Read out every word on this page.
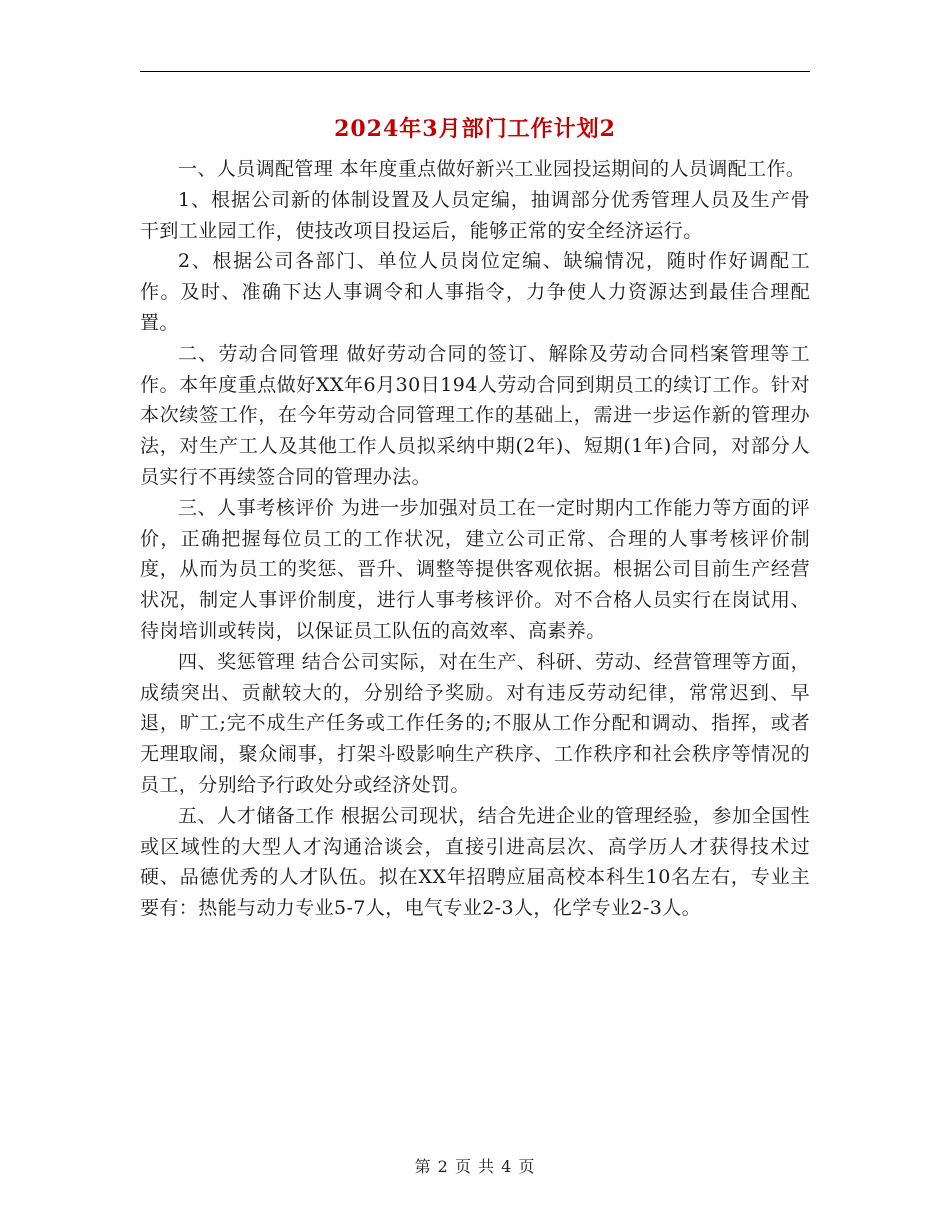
2024年3月部门工作计划2

一、人员调配管理 本年度重点做好新兴工业园投运期间的人员调配工作。

1、根据公司新的体制设置及人员定编，抽调部分优秀管理人员及生产骨干到工业园工作，使技改项目投运后，能够正常的安全经济运行。

2、根据公司各部门、单位人员岗位定编、缺编情况，随时作好调配工作。及时、准确下达人事调令和人事指令，力争使人力资源达到最佳合理配置。

二、劳动合同管理 做好劳动合同的签订、解除及劳动合同档案管理等工作。本年度重点做好XX年6月30日194人劳动合同到期员工的续订工作。针对本次续签工作，在今年劳动合同管理工作的基础上，需进一步运作新的管理办法，对生产工人及其他工作人员拟采纳中期(2年)、短期(1年)合同，对部分人员实行不再续签合同的管理办法。

三、人事考核评价 为进一步加强对员工在一定时期内工作能力等方面的评价，正确把握每位员工的工作状况，建立公司正常、合理的人事考核评价制度，从而为员工的奖惩、晋升、调整等提供客观依据。根据公司目前生产经营状况，制定人事评价制度，进行人事考核评价。对不合格人员实行在岗试用、待岗培训或转岗，以保证员工队伍的高效率、高素养。

四、奖惩管理 结合公司实际，对在生产、科研、劳动、经营管理等方面，成绩突出、贡献较大的，分别给予奖励。对有违反劳动纪律，常常迟到、早退，旷工;完不成生产任务或工作任务的;不服从工作分配和调动、指挥，或者无理取闹，聚众闹事，打架斗殴影响生产秩序、工作秩序和社会秩序等情况的员工，分别给予行政处分或经济处罚。

五、人才储备工作 根据公司现状，结合先进企业的管理经验，参加全国性或区域性的大型人才沟通洽谈会，直接引进高层次、高学历人才获得技术过硬、品德优秀的人才队伍。拟在XX年招聘应届高校本科生10名左右，专业主要有：热能与动力专业5-7人，电气专业2-3人，化学专业2-3人。

第 2 页 共 4 页
